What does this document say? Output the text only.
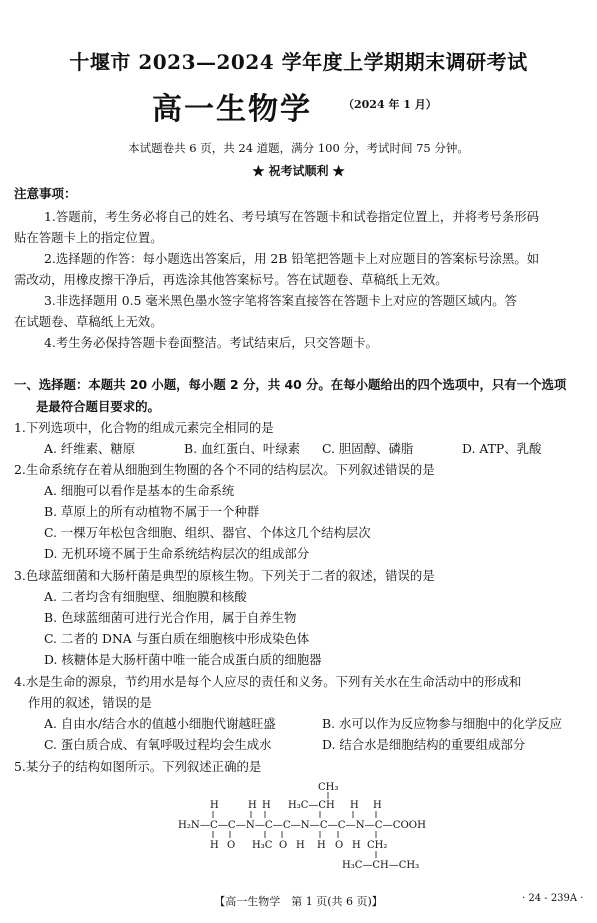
十堰市 2023—2024 学年度上学期期末调研考试
高一生物学	（2024 年 1 月）
本试题卷共 6 页，共 24 道题，满分 100 分，考试时间 75 分钟。
★ 祝考试顺利 ★
注意事项：
1.答题前，考生务必将自己的姓名、考号填写在答题卡和试卷指定位置上，并将考号条形码
贴在答题卡上的指定位置。
2.选择题的作答：每小题选出答案后，用 2B 铅笔把答题卡上对应题目的答案标号涂黑。如
需改动，用橡皮擦干净后，再选涂其他答案标号。答在试题卷、草稿纸上无效。
3.非选择题用 0.5 毫米黑色墨水签字笔将答案直接答在答题卡上对应的答题区域内。答
在试题卷、草稿纸上无效。
4.考生务必保持答题卡卷面整洁。考试结束后，只交答题卡。
一、选择题：本题共 20 小题，每小题 2 分，共 40 分。在每小题给出的四个选项中，只有一个选项
是最符合题目要求的。
1.下列选项中，化合物的组成元素完全相同的是
A. 纤维素、糖原	B. 血红蛋白、叶绿素 C. 胆固醇、磷脂	D. ATP、乳酸
2.生命系统存在着从细胞到生物圈的各个不同的结构层次。下列叙述错误的是
A. 细胞可以看作是基本的生命系统
B. 草原上的所有动植物不属于一个种群
C. 一棵万年松包含细胞、组织、器官、个体这几个结构层次
D. 无机环境不属于生命系统结构层次的组成部分
3.色球蓝细菌和大肠杆菌是典型的原核生物。下列关于二者的叙述，错误的是
A. 二者均含有细胞壁、细胞膜和核酸
B. 色球蓝细菌可进行光合作用，属于自养生物
C. 二者的 DNA 与蛋白质在细胞核中形成染色体
D. 核糖体是大肠杆菌中唯一能合成蛋白质的细胞器
4.水是生命的源泉，节约用水是每个人应尽的责任和义务。下列有关水在生命活动中的形成和
作用的叙述，错误的是
A. 自由水/结合水的值越小细胞代谢越旺盛	B. 水可以作为反应物参与细胞中的化学反应
C. 蛋白质合成、有氧呼吸过程均会生成水	D. 结合水是细胞结构的重要组成部分
5.某分子的结构如图所示。下列叙述正确的是
CH₃
H₃C—CH
H	H H	H H
H₂N—C—C—N—C—C—N—C—C—N—C—COOH
H O H₃C O H H O H CH₂
H₃C—CH—CH₃
【高一生物学　第 1 页(共 6 页)】	· 24 - 239A ·
